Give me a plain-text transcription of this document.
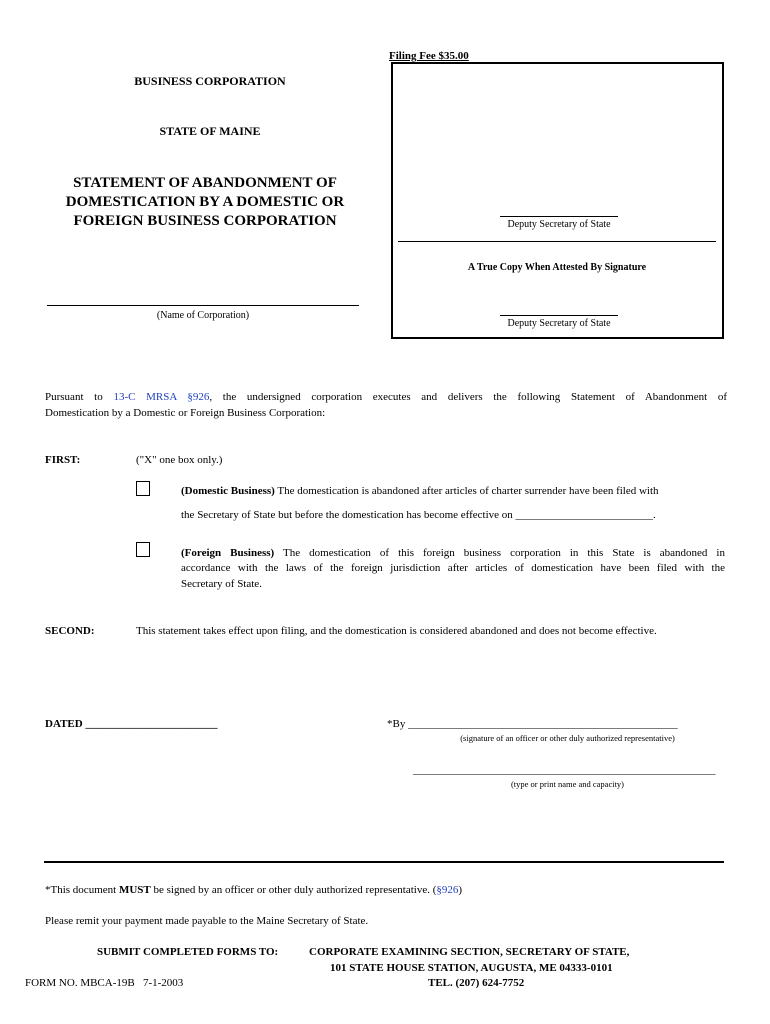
Filing Fee $35.00
BUSINESS CORPORATION
STATE OF MAINE
STATEMENT OF ABANDONMENT OF
DOMESTICATION BY A DOMESTIC OR
FOREIGN BUSINESS CORPORATION
(Name of Corporation)
Deputy Secretary of State
A True Copy When Attested By Signature
Deputy Secretary of State
Pursuant to 13-C MRSA §926, the undersigned corporation executes and delivers the following Statement of Abandonment of
Domestication by a Domestic or Foreign Business Corporation:
FIRST:	("X" one box only.)
(Domestic Business) The domestication is abandoned after articles of charter surrender have been filed with
the Secretary of State but before the domestication has become effective on _________________________.
(Foreign Business) The domestication of this foreign business corporation in this State is abandoned in
accordance with the laws of the foreign jurisdiction after articles of domestication have been filed with the
Secretary of State.
SECOND:	This statement takes effect upon filing, and the domestication is considered abandoned and does not become effective.
DATED ________________________	*By _________________________________________________
(signature of an officer or other duly authorized representative)
_______________________________________________________
(type or print name and capacity)
*This document MUST be signed by an officer or other duly authorized representative. (§926)
Please remit your payment made payable to the Maine Secretary of State.
SUBMIT COMPLETED FORMS TO:	CORPORATE EXAMINING SECTION, SECRETARY OF STATE,
101 STATE HOUSE STATION, AUGUSTA, ME 04333-0101
TEL. (207) 624-7752
FORM NO. MBCA-19B   7-1-2003
